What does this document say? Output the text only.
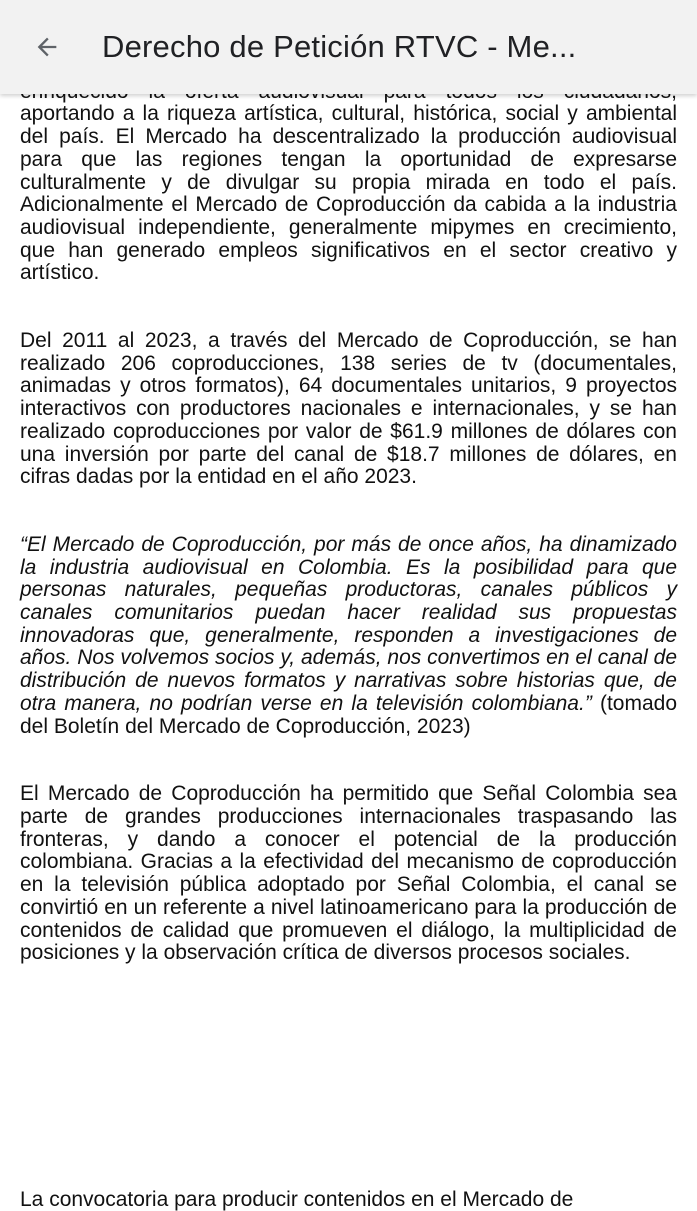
Derecho de Petición RTVC - Me...

aportando a la riqueza artística, cultural, histórica, social y ambiental del país. El Mercado ha descentralizado la producción audiovisual para que las regiones tengan la oportunidad de expresarse culturalmente y de divulgar su propia mirada en todo el país. Adicionalmente el Mercado de Coproducción da cabida a la industria audiovisual independiente, generalmente mipymes en crecimiento, que han generado empleos significativos en el sector creativo y artístico.

Del 2011 al 2023, a través del Mercado de Coproducción, se han realizado 206 coproducciones, 138 series de tv (documentales, animadas y otros formatos), 64 documentales unitarios, 9 proyectos interactivos con productores nacionales e internacionales, y se han realizado coproducciones por valor de $61.9 millones de dólares con una inversión por parte del canal de $18.7 millones de dólares, en cifras dadas por la entidad en el año 2023.

“El Mercado de Coproducción, por más de once años, ha dinamizado la industria audiovisual en Colombia. Es la posibilidad para que personas naturales, pequeñas productoras, canales públicos y canales comunitarios puedan hacer realidad sus propuestas innovadoras que, generalmente, responden a investigaciones de años. Nos volvemos socios y, además, nos convertimos en el canal de distribución de nuevos formatos y narrativas sobre historias que, de otra manera, no podrían verse en la televisión colombiana.” (tomado del Boletín del Mercado de Coproducción, 2023)

El Mercado de Coproducción ha permitido que Señal Colombia sea parte de grandes producciones internacionales traspasando las fronteras, y dando a conocer el potencial de la producción colombiana. Gracias a la efectividad del mecanismo de coproducción en la televisión pública adoptado por Señal Colombia, el canal se convirtió en un referente a nivel latinoamericano para la producción de contenidos de calidad que promueven el diálogo, la multiplicidad de posiciones y la observación crítica de diversos procesos sociales.

La convocatoria para producir contenidos en el Mercado de
